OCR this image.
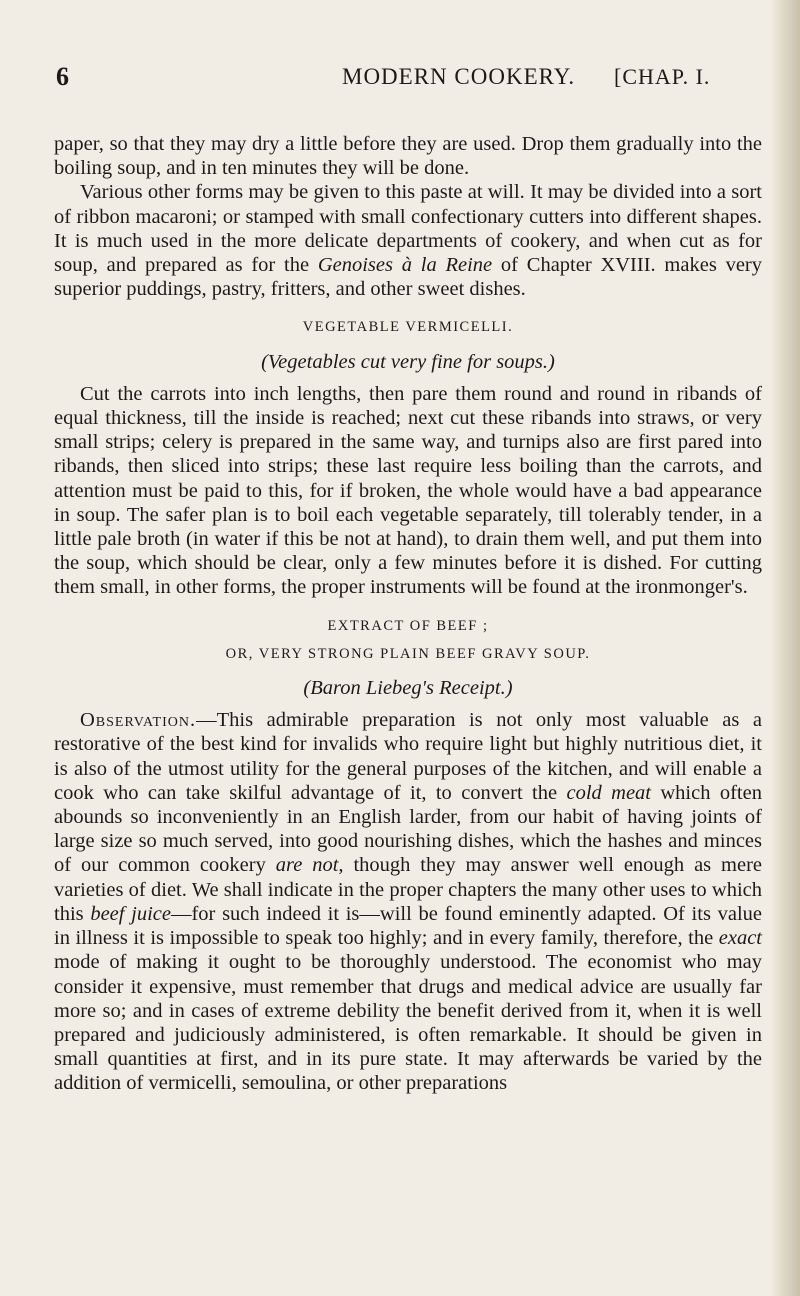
6	MODERN COOKERY. [CHAP. I.

paper, so that they may dry a little before they are used. Drop them gradually into the boiling soup, and in ten minutes they will be done.

Various other forms may be given to this paste at will. It may be divided into a sort of ribbon macaroni; or stamped with small confectionary cutters into different shapes. It is much used in the more delicate departments of cookery, and when cut as for soup, and prepared as for the Genoises à la Reine of Chapter XVIII. makes very superior puddings, pastry, fritters, and other sweet dishes.

VEGETABLE VERMICELLI.
(Vegetables cut very fine for soups.)

Cut the carrots into inch lengths, then pare them round and round in ribands of equal thickness, till the inside is reached; next cut these ribands into straws, or very small strips; celery is prepared in the same way, and turnips also are first pared into ribands, then sliced into strips; these last require less boiling than the carrots, and attention must be paid to this, for if broken, the whole would have a bad appearance in soup. The safer plan is to boil each vegetable separately, till tolerably tender, in a little pale broth (in water if this be not at hand), to drain them well, and put them into the soup, which should be clear, only a few minutes before it is dished. For cutting them small, in other forms, the proper instruments will be found at the ironmonger's.

EXTRACT OF BEEF ;
OR, VERY STRONG PLAIN BEEF GRAVY SOUP.
(Baron Liebeg's Receipt.)

Observation.—This admirable preparation is not only most valuable as a restorative of the best kind for invalids who require light but highly nutritious diet, it is also of the utmost utility for the general purposes of the kitchen, and will enable a cook who can take skilful advantage of it, to convert the cold meat which often abounds so inconveniently in an English larder, from our habit of having joints of large size so much served, into good nourishing dishes, which the hashes and minces of our common cookery are not, though they may answer well enough as mere varieties of diet. We shall indicate in the proper chapters the many other uses to which this beef juice—for such indeed it is—will be found eminently adapted. Of its value in illness it is impossible to speak too highly; and in every family, therefore, the exact mode of making it ought to be thoroughly understood. The economist who may consider it expensive, must remember that drugs and medical advice are usually far more so; and in cases of extreme debility the benefit derived from it, when it is well prepared and judiciously administered, is often remarkable. It should be given in small quantities at first, and in its pure state. It may afterwards be varied by the addition of vermicelli, semoulina, or other preparations
